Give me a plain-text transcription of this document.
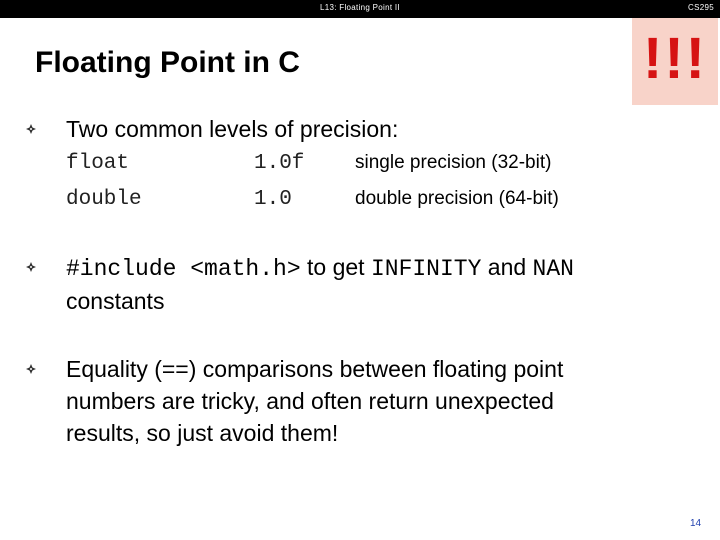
L13: Floating Point II	CS295
Floating Point in C	!!!
Two common levels of precision:
float	1.0f	single precision (32-bit)
double	1.0	double precision (64-bit)
#include <math.h> to get INFINITY and NAN
constants
Equality (==) comparisons between floating point
numbers are tricky, and often return unexpected
results, so just avoid them!
14
